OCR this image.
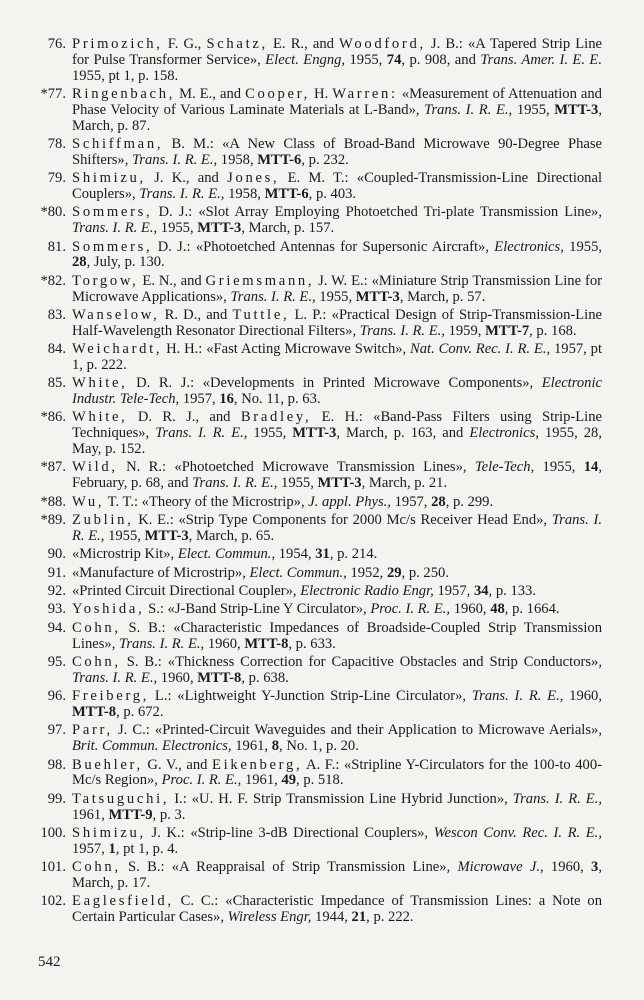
76. Primozich, F. G., Schatz, E. R., and Woodford, J. B.: «A Tapered Strip Line for Pulse Transformer Service», Elect. Engng, 1955, 74, p. 908, and Trans. Amer. I. E. E. 1955, pt 1, p. 158.
*77. Ringenbach, M. E., and Cooper, H. Warren: «Measurement of Attenuation and Phase Velocity of Various Laminate Materials at L-Band», Trans. I. R. E., 1955, MTT-3, March, p. 87.
78. Schiffman, B. M.: «A New Class of Broad-Band Microwave 90-Degree Phase Shifters», Trans. I. R. E., 1958, MTT-6, p. 232.
79. Shimizu, J. K., and Jones, E. M. T.: «Coupled-Transmission-Line Directional Couplers», Trans. I. R. E., 1958, MTT-6, p. 403.
*80. Sommers, D. J.: «Slot Array Employing Photoetched Tri-plate Transmission Line», Trans. I. R. E., 1955, MTT-3, March, p. 157.
81. Sommers, D. J.: «Photoetched Antennas for Supersonic Aircraft», Electronics, 1955, 28, July, p. 130.
*82. Torgow, E. N., and Griemsmann, J. W. E.: «Miniature Strip Transmission Line for Microwave Applications», Trans. I. R. E., 1955, MTT-3, March, p. 57.
83. Wanselow, R. D., and Tuttle, L. P.: «Practical Design of Strip-Transmission-Line Half-Wavelength Resonator Directional Filters», Trans. I. R. E., 1959, MTT-7, p. 168.
84. Weichardt, H. H.: «Fast Acting Microwave Switch», Nat. Conv. Rec. I. R. E., 1957, pt 1, p. 222.
85. White, D. R. J.: «Developments in Printed Microwave Components», Electronic Industr. Tele-Tech, 1957, 16, No. 11, p. 63.
*86. White, D. R. J., and Bradley, E. H.: «Band-Pass Filters using Strip-Line Techniques», Trans. I. R. E., 1955, MTT-3, March, p. 163, and Electronics, 1955, 28, May, p. 152.
*87. Wild, N. R.: «Photoetched Microwave Transmission Lines», Tele-Tech, 1955, 14, February, p. 68, and Trans. I. R. E., 1955, MTT-3, March, p. 21.
*88. Wu, T. T.: «Theory of the Microstrip», J. appl. Phys., 1957, 28, p. 299.
*89. Zublin, K. E.: «Strip Type Components for 2000 Mc/s Receiver Head End», Trans. I. R. E., 1955, MTT-3, March, p. 65.
90. «Microstrip Kit», Elect. Commun., 1954, 31, p. 214.
91. «Manufacture of Microstrip», Elect. Commun., 1952, 29, p. 250.
92. «Printed Circuit Directional Coupler», Electronic Radio Engr, 1957, 34, p. 133.
93. Yoshida, S.: «J-Band Strip-Line Y Circulator», Proc. I. R. E., 1960, 48, p. 1664.
94. Cohn, S. B.: «Characteristic Impedances of Broadside-Coupled Strip Transmission Lines», Trans. I. R. E., 1960, MTT-8, p. 633.
95. Cohn, S. B.: «Thickness Correction for Capacitive Obstacles and Strip Conductors», Trans. I. R. E., 1960, MTT-8, p. 638.
96. Freiberg, L.: «Lightweight Y-Junction Strip-Line Circulator», Trans. I. R. E., 1960, MTT-8, p. 672.
97. Parr, J. C.: «Printed-Circuit Waveguides and their Application to Microwave Aerials», Brit. Commun. Electronics, 1961, 8, No. 1, p. 20.
98. Buehler, G. V., and Eikenberg, A. F.: «Stripline Y-Circulators for the 100-to 400-Mc/s Region», Proc. I. R. E., 1961, 49, p. 518.
99. Tatsuguchi, I.: «U. H. F. Strip Transmission Line Hybrid Junction», Trans. I. R. E., 1961, MTT-9, p. 3.
100. Shimizu, J. K.: «Strip-line 3-dB Directional Couplers», Wescon Conv. Rec. I. R. E., 1957, 1, pt 1, p. 4.
101. Cohn, S. B.: «A Reappraisal of Strip Transmission Line», Microwave J., 1960, 3, March, p. 17.
102. Eaglesfield, C. C.: «Characteristic Impedance of Transmission Lines: a Note on Certain Particular Cases», Wireless Engr, 1944, 21, p. 222.
542
